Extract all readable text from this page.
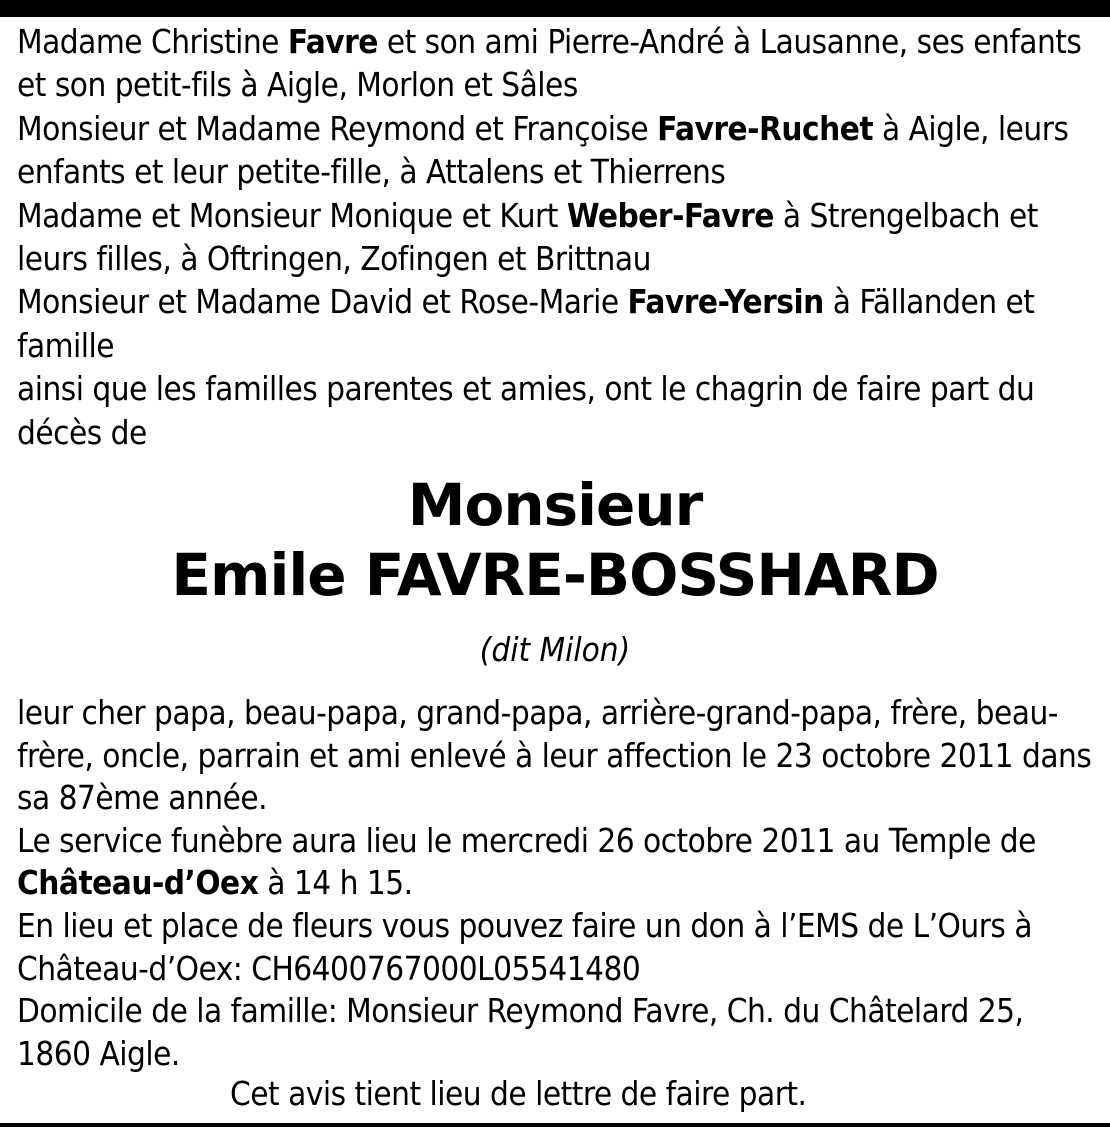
Madame Christine Favre et son ami Pierre-André à Lausanne, ses enfants et son petit-fils à Aigle, Morlon et Sâles

Monsieur et Madame Reymond et Françoise Favre-Ruchet à Aigle, leurs enfants et leur petite-fille, à Attalens et Thierrens

Madame et Monsieur Monique et Kurt Weber-Favre à Strengelbach et leurs filles, à Oftringen, Zofingen et Brittnau

Monsieur et Madame David et Rose-Marie Favre-Yersin à Fällanden et famille

ainsi que les familles parentes et amies, ont le chagrin de faire part du décès de

Monsieur
Emile FAVRE-BOSSHARD
(dit Milon)

leur cher papa, beau-papa, grand-papa, arrière-grand-papa, frère, beau-frère, oncle, parrain et ami enlevé à leur affection le 23 octobre 2011 dans sa 87ème année.

Le service funèbre aura lieu le mercredi 26 octobre 2011 au Temple de Château-d’Oex à 14 h 15.

En lieu et place de fleurs vous pouvez faire un don à l’EMS de L’Ours à Château-d’Oex: CH6400767000L05541480

Domicile de la famille: Monsieur Reymond Favre, Ch. du Châtelard 25, 1860 Aigle.

Cet avis tient lieu de lettre de faire part.
